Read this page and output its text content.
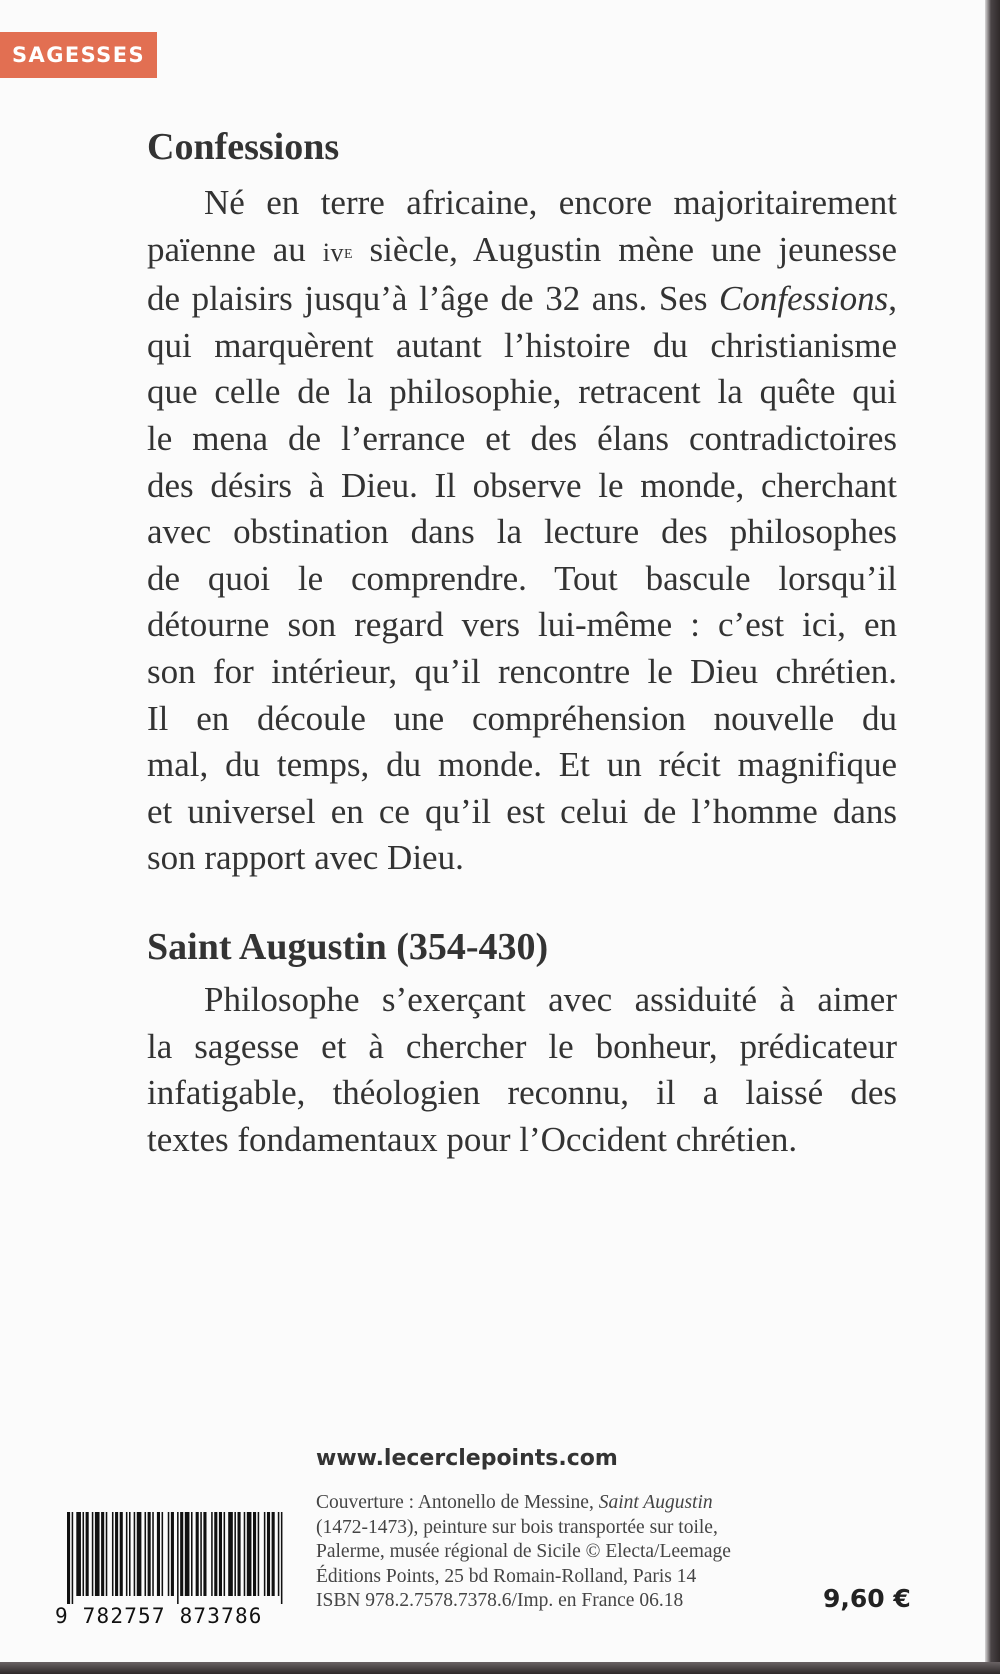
SAGESSES
Confessions
Né en terre africaine, encore majoritairement
païenne au $iv^e$ siècle, Augustin mène une jeunesse
de plaisirs jusqu’à l’âge de 32 ans. Ses Confessions,
qui marquèrent autant l’histoire du christianisme
que celle de la philosophie, retracent la quête qui
le mena de l’errance et des élans contradictoires
des désirs à Dieu. Il observe le monde, cherchant
avec obstination dans la lecture des philosophes
de quoi le comprendre. Tout bascule lorsqu’il
détourne son regard vers lui-même : c’est ici, en
son for intérieur, qu’il rencontre le Dieu chrétien.
Il en découle une compréhension nouvelle du
mal, du temps, du monde. Et un récit magnifique
et universel en ce qu’il est celui de l’homme dans
son rapport avec Dieu.
Saint Augustin (354-430)
Philosophe s’exerçant avec assiduité à aimer
la sagesse et à chercher le bonheur, prédicateur
infatigable, théologien reconnu, il a laissé des
textes fondamentaux pour l’Occident chrétien.
www.lecerclepoints.com
Couverture : Antonello de Messine, Saint Augustin
(1472-1473), peinture sur bois transportée sur toile,
Palerme, musée régional de Sicile © Electa/Leemage
Éditions Points, 25 bd Romain-Rolland, Paris 14
ISBN 978.2.7578.7378.6/Imp. en France 06.18
9 782757 873786
9,60 €
